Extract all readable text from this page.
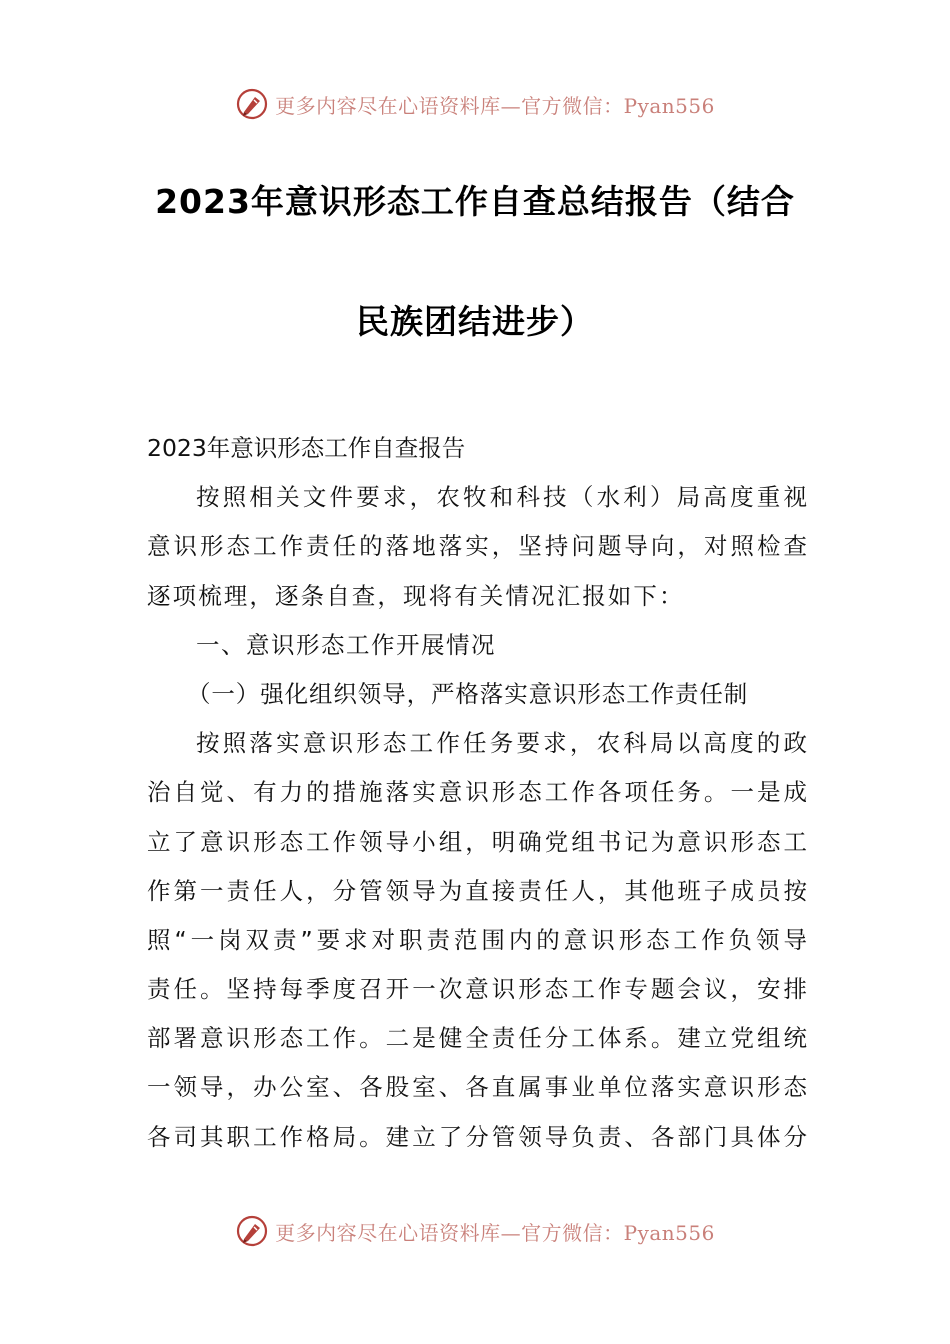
更多内容尽在心语资料库—官方微信：Pyan556
2023年意识形态工作自查总结报告（结合
民族团结进步）
2023年意识形态工作自查报告
按照相关文件要求，农牧和科技（水利）局高度重视
意识形态工作责任的落地落实，坚持问题导向，对照检查
逐项梳理，逐条自查，现将有关情况汇报如下：
一、意识形态工作开展情况
（一）强化组织领导，严格落实意识形态工作责任制
按照落实意识形态工作任务要求，农科局以高度的政
治自觉、有力的措施落实意识形态工作各项任务。一是成
立了意识形态工作领导小组，明确党组书记为意识形态工
作第一责任人，分管领导为直接责任人，其他班子成员按
照“一岗双责”要求对职责范围内的意识形态工作负领导
责任。坚持每季度召开一次意识形态工作专题会议，安排
部署意识形态工作。二是健全责任分工体系。建立党组统
一领导，办公室、各股室、各直属事业单位落实意识形态
各司其职工作格局。建立了分管领导负责、各部门具体分
更多内容尽在心语资料库—官方微信：Pyan556
